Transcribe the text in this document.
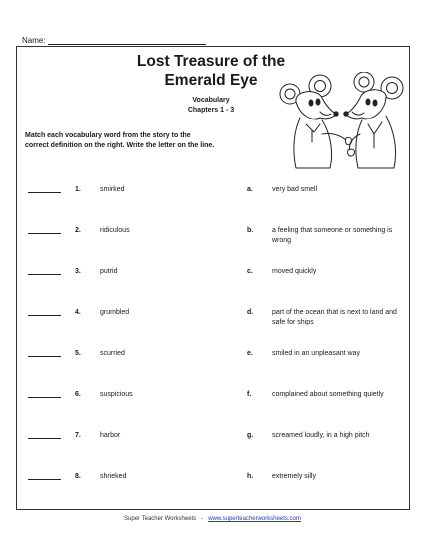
Name:
Lost Treasure of the
Emerald Eye
Vocabulary
Chapters 1 - 3
Match each vocabulary word from the story to the
correct definition on the right. Write the letter on the line.
1.	smirked	a.	very bad smell
2.	ridiculous	b.	a feeling that someone or something is wrong
3.	putrid	c.	moved quickly
4.	grumbled	d.	part of the ocean that is next to land and safe for ships
5.	scurried	e.	smiled in an unpleasant way
6.	suspicious	f.	complained about something quietly
7.	harbor	g.	screamed loudly, in a high pitch
8.	shrieked	h.	extremely silly
Super Teacher Worksheets - www.superteacherworksheets.com
